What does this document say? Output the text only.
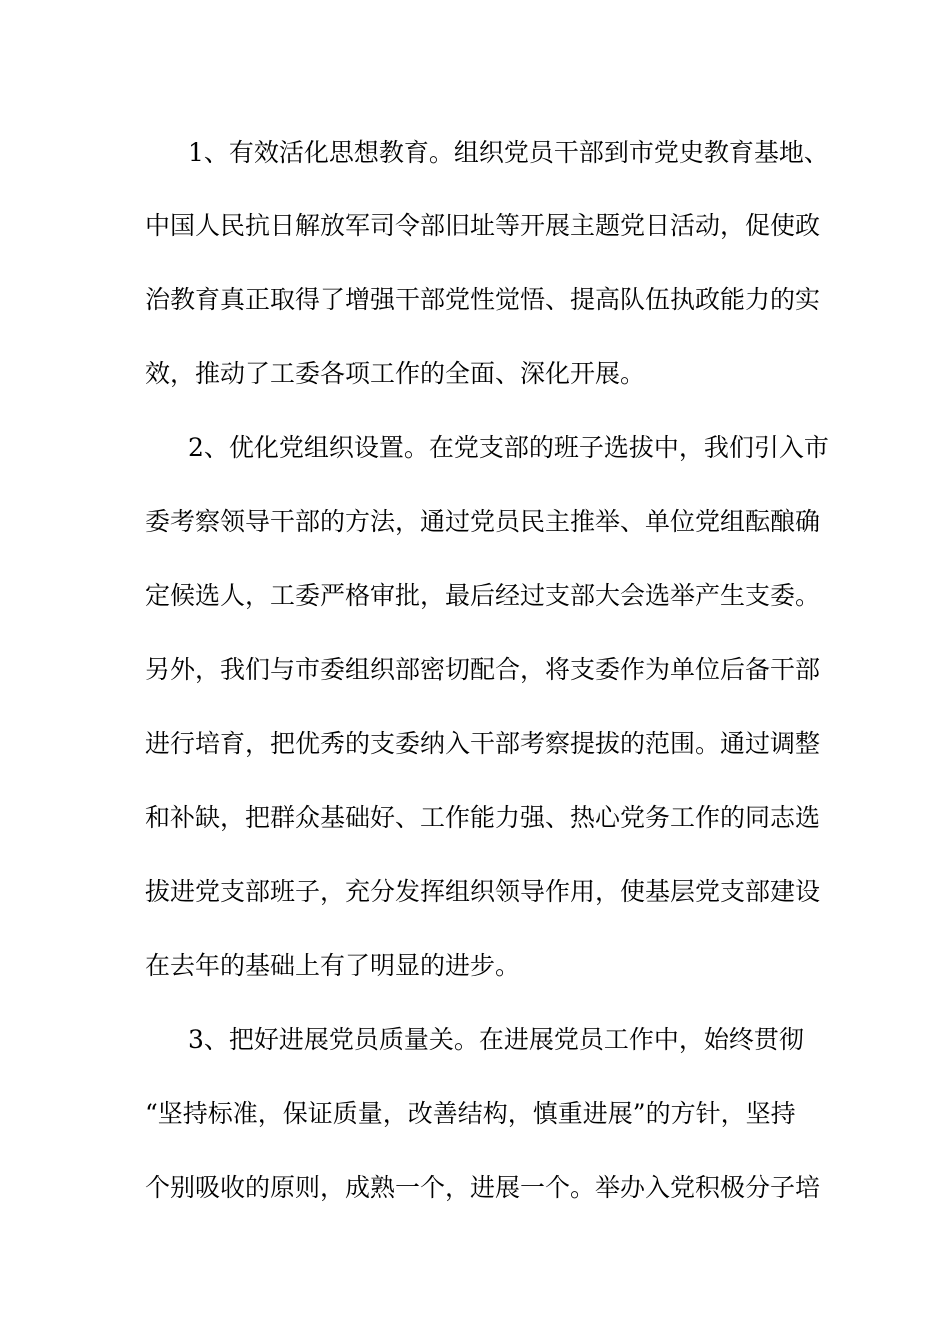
1、有效活化思想教育。组织党员干部到市党史教育基地、
中国人民抗日解放军司令部旧址等开展主题党日活动，促使政
治教育真正取得了增强干部党性觉悟、提高队伍执政能力的实
效，推动了工委各项工作的全面、深化开展。
2、优化党组织设置。在党支部的班子选拔中，我们引入市
委考察领导干部的方法，通过党员民主推举、单位党组酝酿确
定候选人，工委严格审批，最后经过支部大会选举产生支委。
另外，我们与市委组织部密切配合，将支委作为单位后备干部
进行培育，把优秀的支委纳入干部考察提拔的范围。通过调整
和补缺，把群众基础好、工作能力强、热心党务工作的同志选
拔进党支部班子，充分发挥组织领导作用，使基层党支部建设
在去年的基础上有了明显的进步。
3、把好进展党员质量关。在进展党员工作中，始终贯彻
“坚持标准，保证质量，改善结构，慎重进展”的方针，坚持
个别吸收的原则，成熟一个，进展一个。举办入党积极分子培
